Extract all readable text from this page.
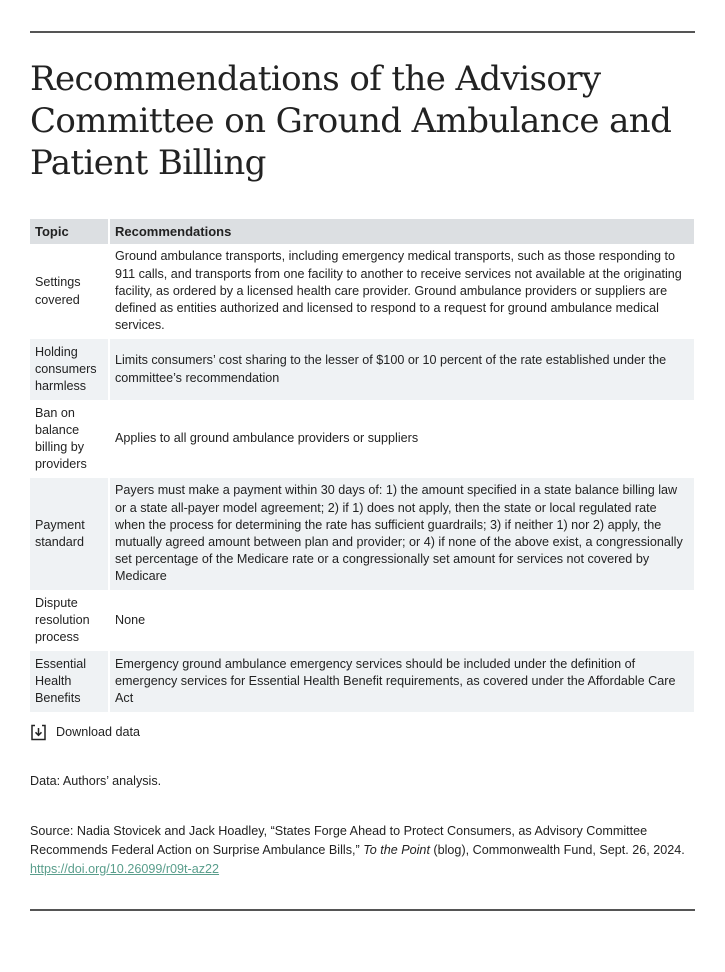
Recommendations of the Advisory Committee on Ground Ambulance and Patient Billing
Topic	Recommendations
Settings covered	Ground ambulance transports, including emergency medical transports, such as those responding to 911 calls, and transports from one facility to another to receive services not available at the originating facility, as ordered by a licensed health care provider. Ground ambulance providers or suppliers are defined as entities authorized and licensed to respond to a request for ground ambulance medical services.
Holding consumers harmless	Limits consumers’ cost sharing to the lesser of $100 or 10 percent of the rate established under the committee’s recommendation
Ban on balance billing by providers	Applies to all ground ambulance providers or suppliers
Payment standard	Payers must make a payment within 30 days of: 1) the amount specified in a state balance billing law or a state all-payer model agreement; 2) if 1) does not apply, then the state or local regulated rate when the process for determining the rate has sufficient guardrails; 3) if neither 1) nor 2) apply, the mutually agreed amount between plan and provider; or 4) if none of the above exist, a congressionally set percentage of the Medicare rate or a congressionally set amount for services not covered by Medicare
Dispute resolution process	None
Essential Health Benefits	Emergency ground ambulance emergency services should be included under the definition of emergency services for Essential Health Benefit requirements, as covered under the Affordable Care Act
Download data
Data: Authors’ analysis.
Source: Nadia Stovicek and Jack Hoadley, “States Forge Ahead to Protect Consumers, as Advisory Committee Recommends Federal Action on Surprise Ambulance Bills,” To the Point (blog), Commonwealth Fund, Sept. 26, 2024. https://doi.org/10.26099/r09t-az22
